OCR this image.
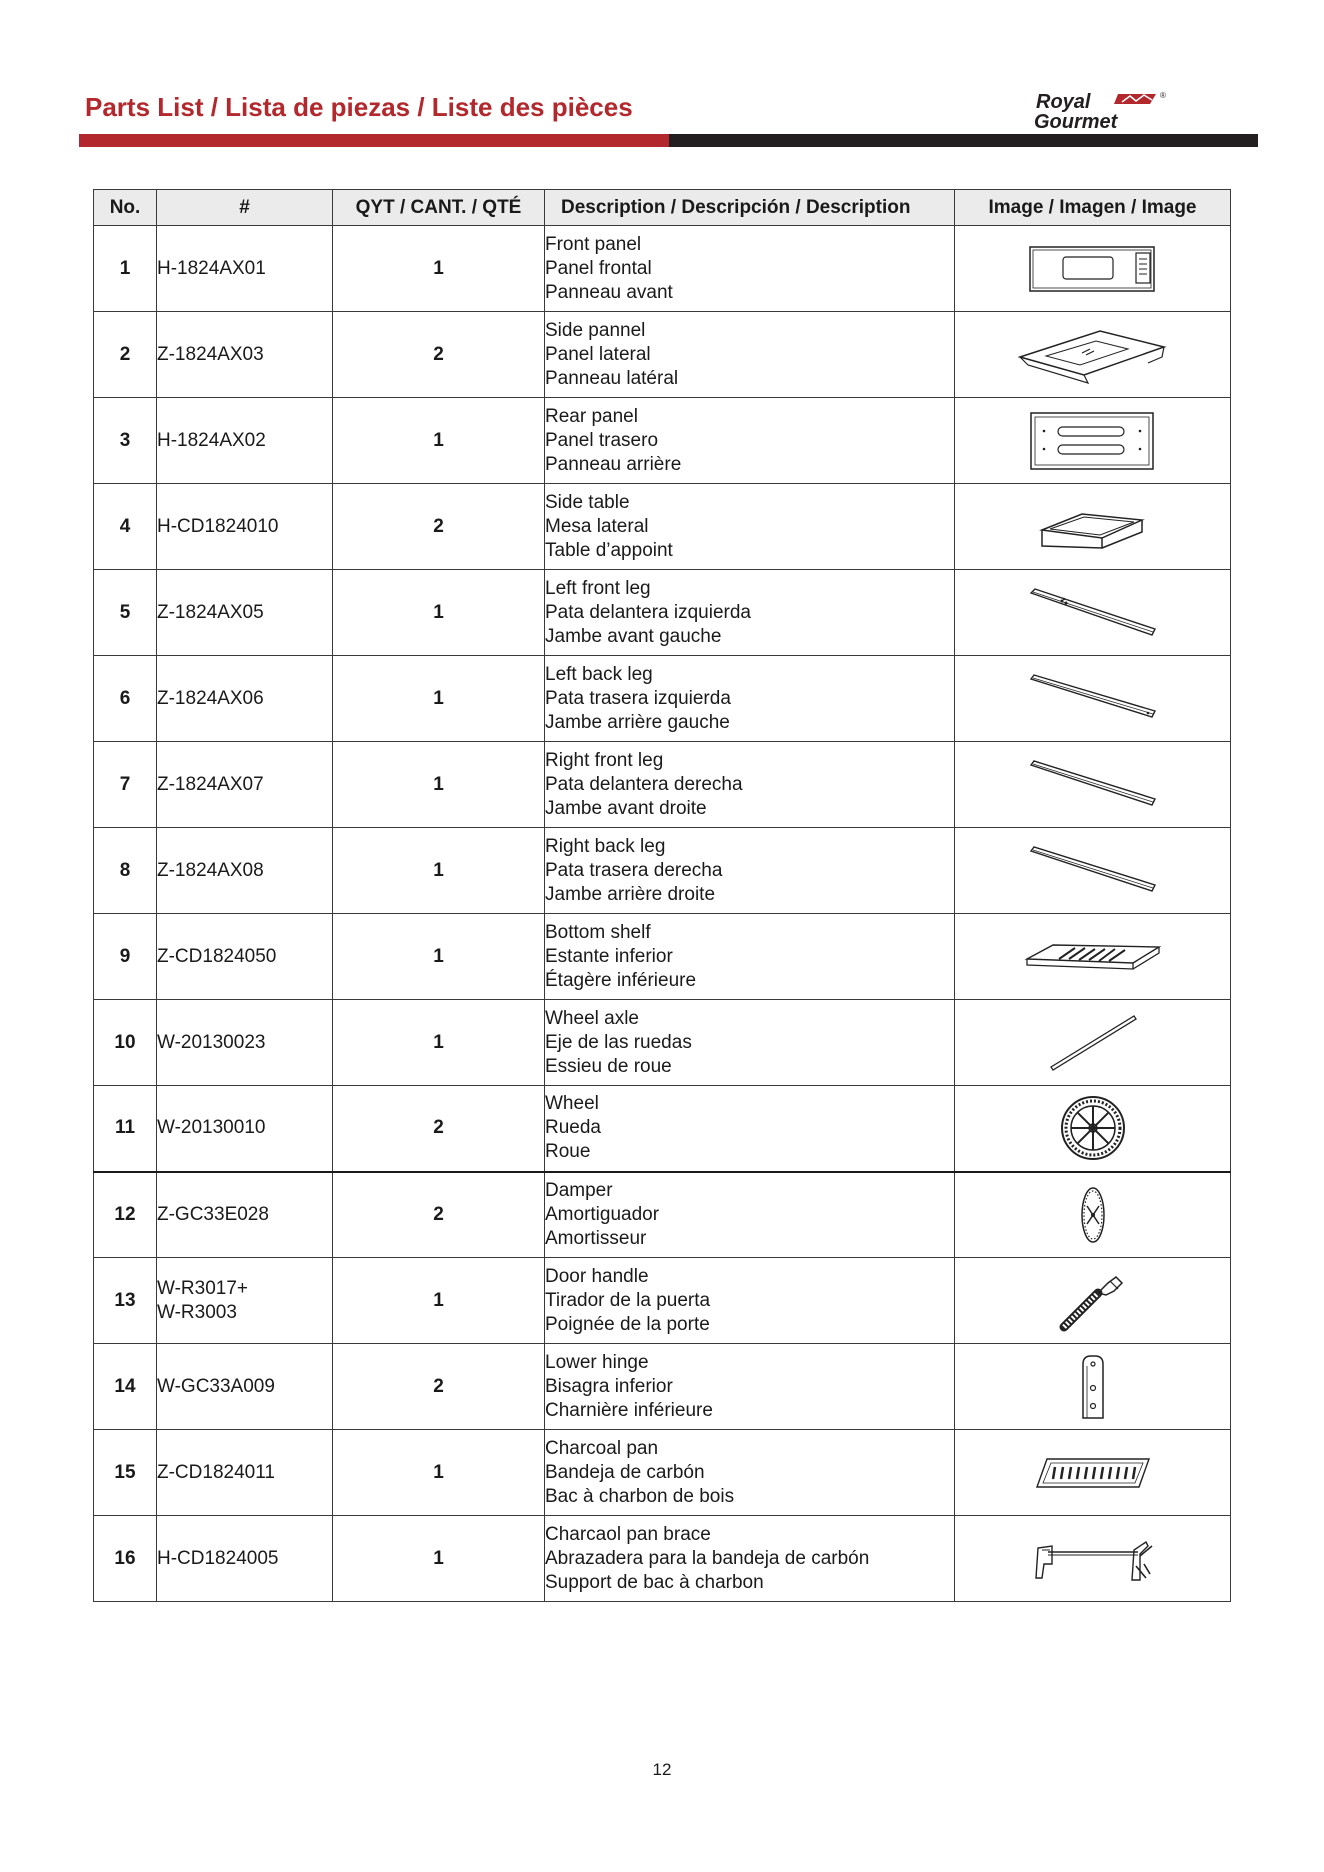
Parts List / Lista de piezas / Liste des pièces	Royal
Gourmet
®
No.	#	QYT / CANT. / QTÉ	Description / Descripción / Description	Image / Imagen / Image
1	H-1824AX01	1	Front panel
Panel frontal
Panneau avant

2	Z-1824AX03	2	Side pannel
Panel lateral
Panneau latéral

3	H-1824AX02	1	Rear panel
Panel trasero
Panneau arrière

4	H-CD1824010	2	Side table
Mesa lateral
Table d’appoint

5	Z-1824AX05	1	Left front leg
Pata delantera izquierda
Jambe avant gauche

6	Z-1824AX06	1	Left back leg
Pata trasera izquierda
Jambe arrière gauche

7	Z-1824AX07	1	Right front leg
Pata delantera derecha
Jambe avant droite

8	Z-1824AX08	1	Right back leg
Pata trasera derecha
Jambe arrière droite

9	Z-CD1824050	1	Bottom shelf
Estante inferior
Étagère inférieure

10	W-20130023	1	Wheel axle
Eje de las ruedas
Essieu de roue

11	W-20130010	2	Wheel
Rueda
Roue

12	Z-GC33E028	2	Damper
Amortiguador
Amortisseur

13	W-R3017+
W-R3003	1	Door handle
Tirador de la puerta
Poignée de la porte

14	W-GC33A009	2	Lower hinge
Bisagra inferior
Charnière inférieure

15	Z-CD1824011	1	Charcoal pan
Bandeja de carbón
Bac à charbon de bois

16	H-CD1824005	1	Charcaol pan brace
Abrazadera para la bandeja de carbón
Support de bac à charbon

12
